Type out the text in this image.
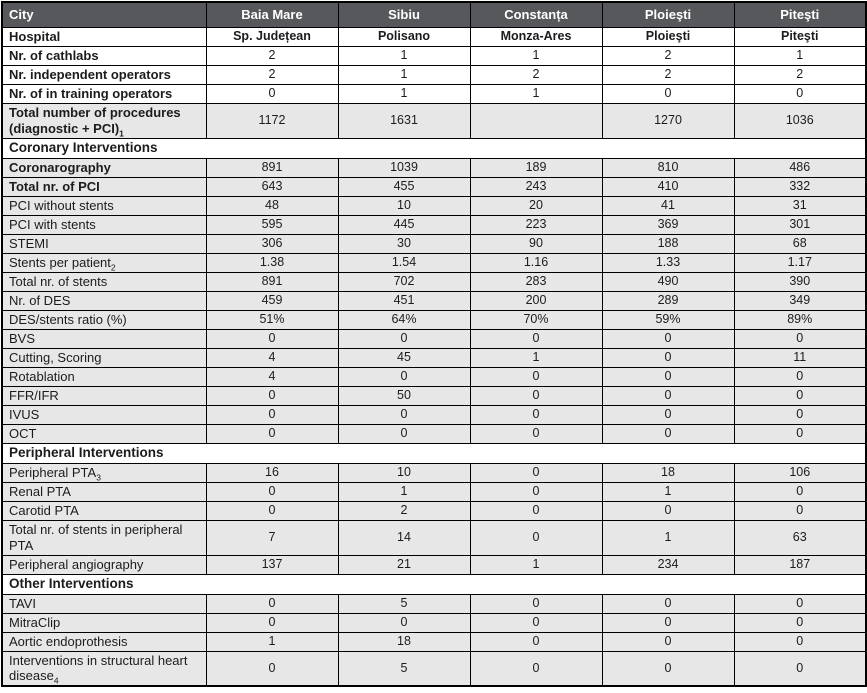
City	Baia Mare	Sibiu	Constanța	Ploieşti	Piteşti
Hospital	Sp. Județean	Polisano	Monza-Ares	Ploieşti	Piteşti
Nr. of cathlabs	2	1	1	2	1
Nr. independent operators	2	1	2	2	2
Nr. of in training operators	0	1	1	0	0
Total number of procedures (diagnostic + $PCI)_1$	1172	1631		1270	1036
Coronary Interventions					
Coronarography	891	1039	189	810	486
Total nr. of PCI	643	455	243	410	332
PCI without stents	48	10	20	41	31
PCI with stents	595	445	223	369	301
STEMI	306	30	90	188	68
Stents per patient$_2$	1.38	1.54	1.16	1.33	1.17
Total nr. of stents	891	702	283	490	390
Nr. of DES	459	451	200	289	349
DES/stents ratio (%)	51%	64%	70%	59%	89%
BVS	0	0	0	0	0
Cutting, Scoring	4	45	1	0	11
Rotablation	4	0	0	0	0
FFR/IFR	0	50	0	0	0
IVUS	0	0	0	0	0
OCT	0	0	0	0	0
Peripheral Interventions					
Peripheral $PTA_3$	16	10	0	18	106
Renal PTA	0	1	0	1	0
Carotid PTA	0	2	0	0	0
Total nr. of stents in peripheral PTA	7	14	0	1	63
Peripheral angiography	137	21	1	234	187
Other Interventions					
TAVI	0	5	0	0	0
MitraClip	0	0	0	0	0
Aortic endoprothesis	1	18	0	0	0
Interventions in structural heart disease$_4$	0	5	0	0	0
